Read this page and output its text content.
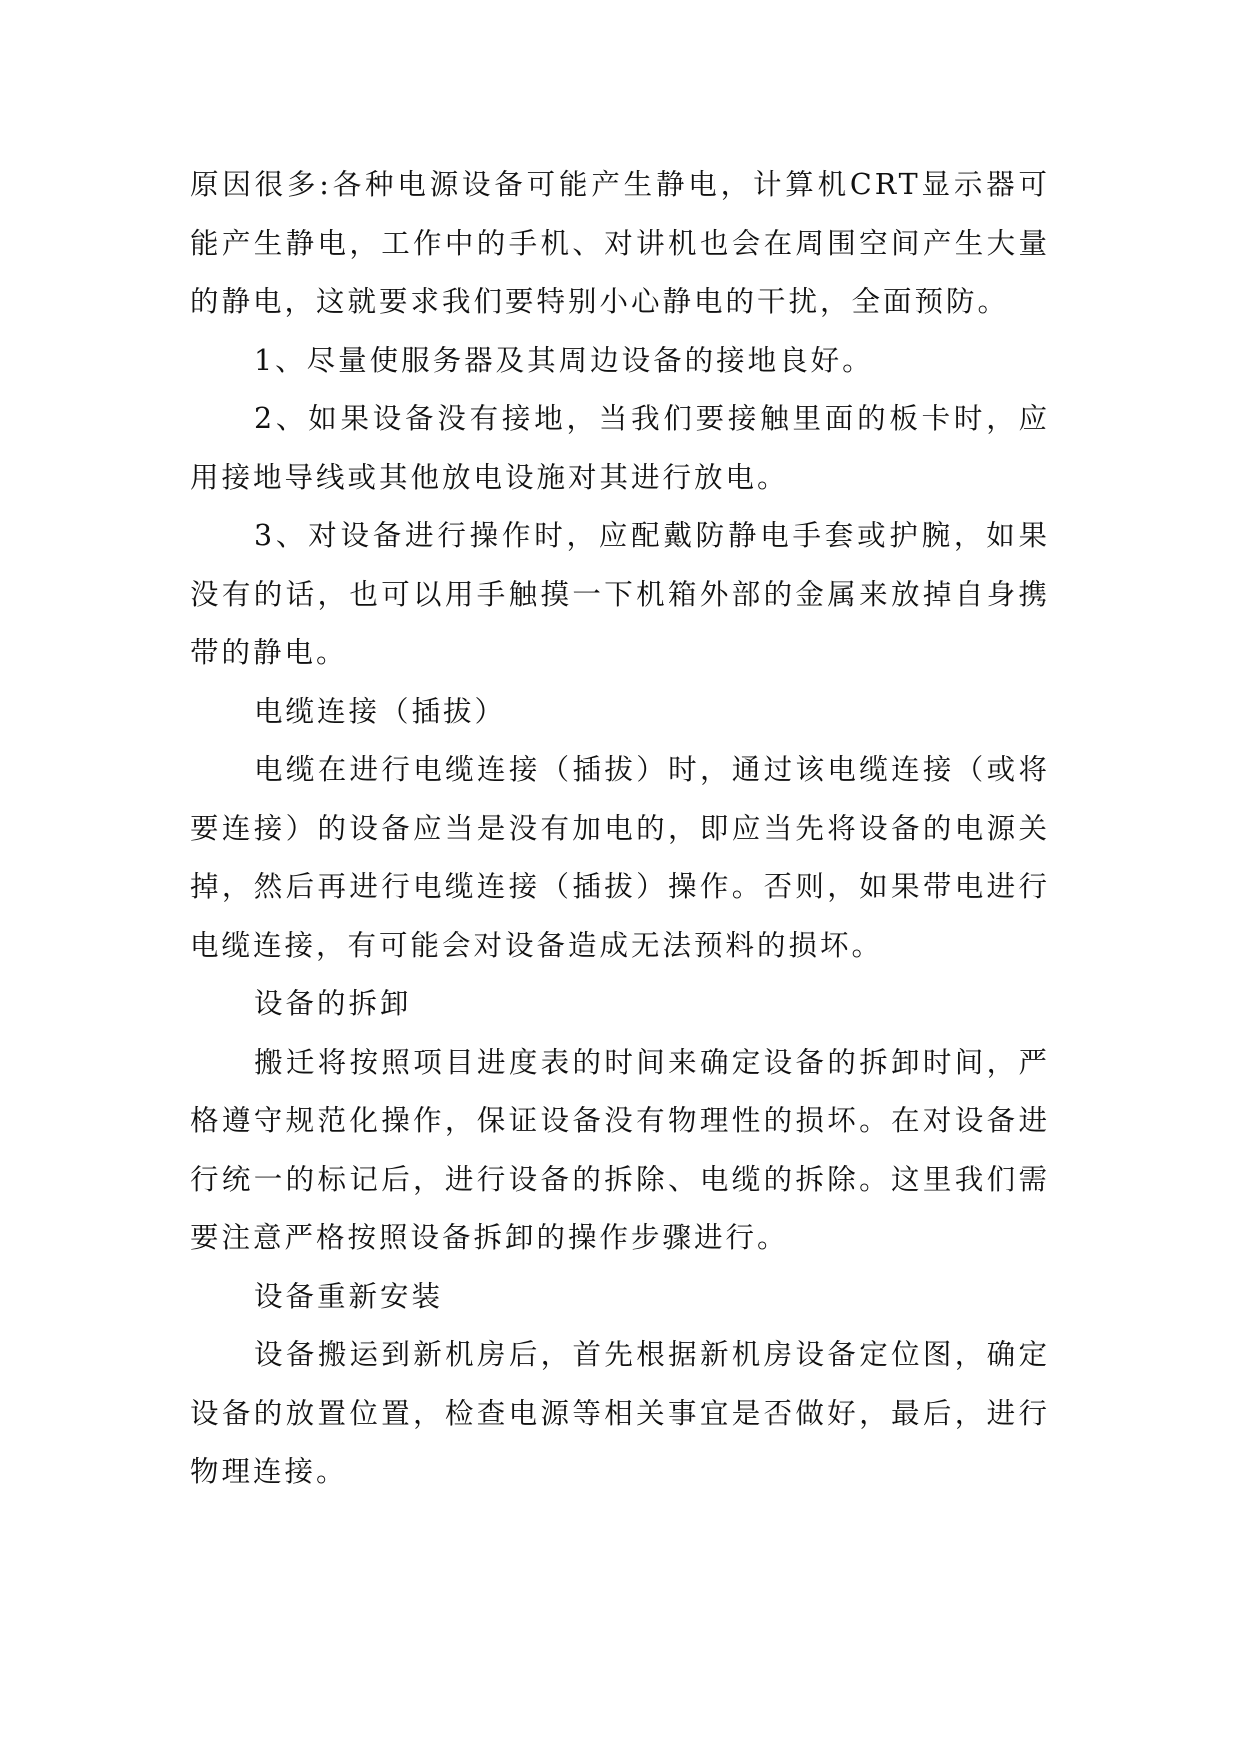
原因很多:各种电源设备可能产生静电，计算机CRT显示器可能产生静电，工作中的手机、对讲机也会在周围空间产生大量的静电，这就要求我们要特别小心静电的干扰，全面预防。

1、尽量使服务器及其周边设备的接地良好。

2、如果设备没有接地，当我们要接触里面的板卡时，应用接地导线或其他放电设施对其进行放电。

3、对设备进行操作时，应配戴防静电手套或护腕，如果没有的话，也可以用手触摸一下机箱外部的金属来放掉自身携带的静电。

电缆连接（插拔）

电缆在进行电缆连接（插拔）时，通过该电缆连接（或将要连接）的设备应当是没有加电的，即应当先将设备的电源关掉，然后再进行电缆连接（插拔）操作。否则，如果带电进行电缆连接，有可能会对设备造成无法预料的损坏。

设备的拆卸

搬迁将按照项目进度表的时间来确定设备的拆卸时间，严格遵守规范化操作，保证设备没有物理性的损坏。在对设备进行统一的标记后，进行设备的拆除、电缆的拆除。这里我们需要注意严格按照设备拆卸的操作步骤进行。

设备重新安装

设备搬运到新机房后，首先根据新机房设备定位图，确定设备的放置位置，检查电源等相关事宜是否做好，最后，进行物理连接。
